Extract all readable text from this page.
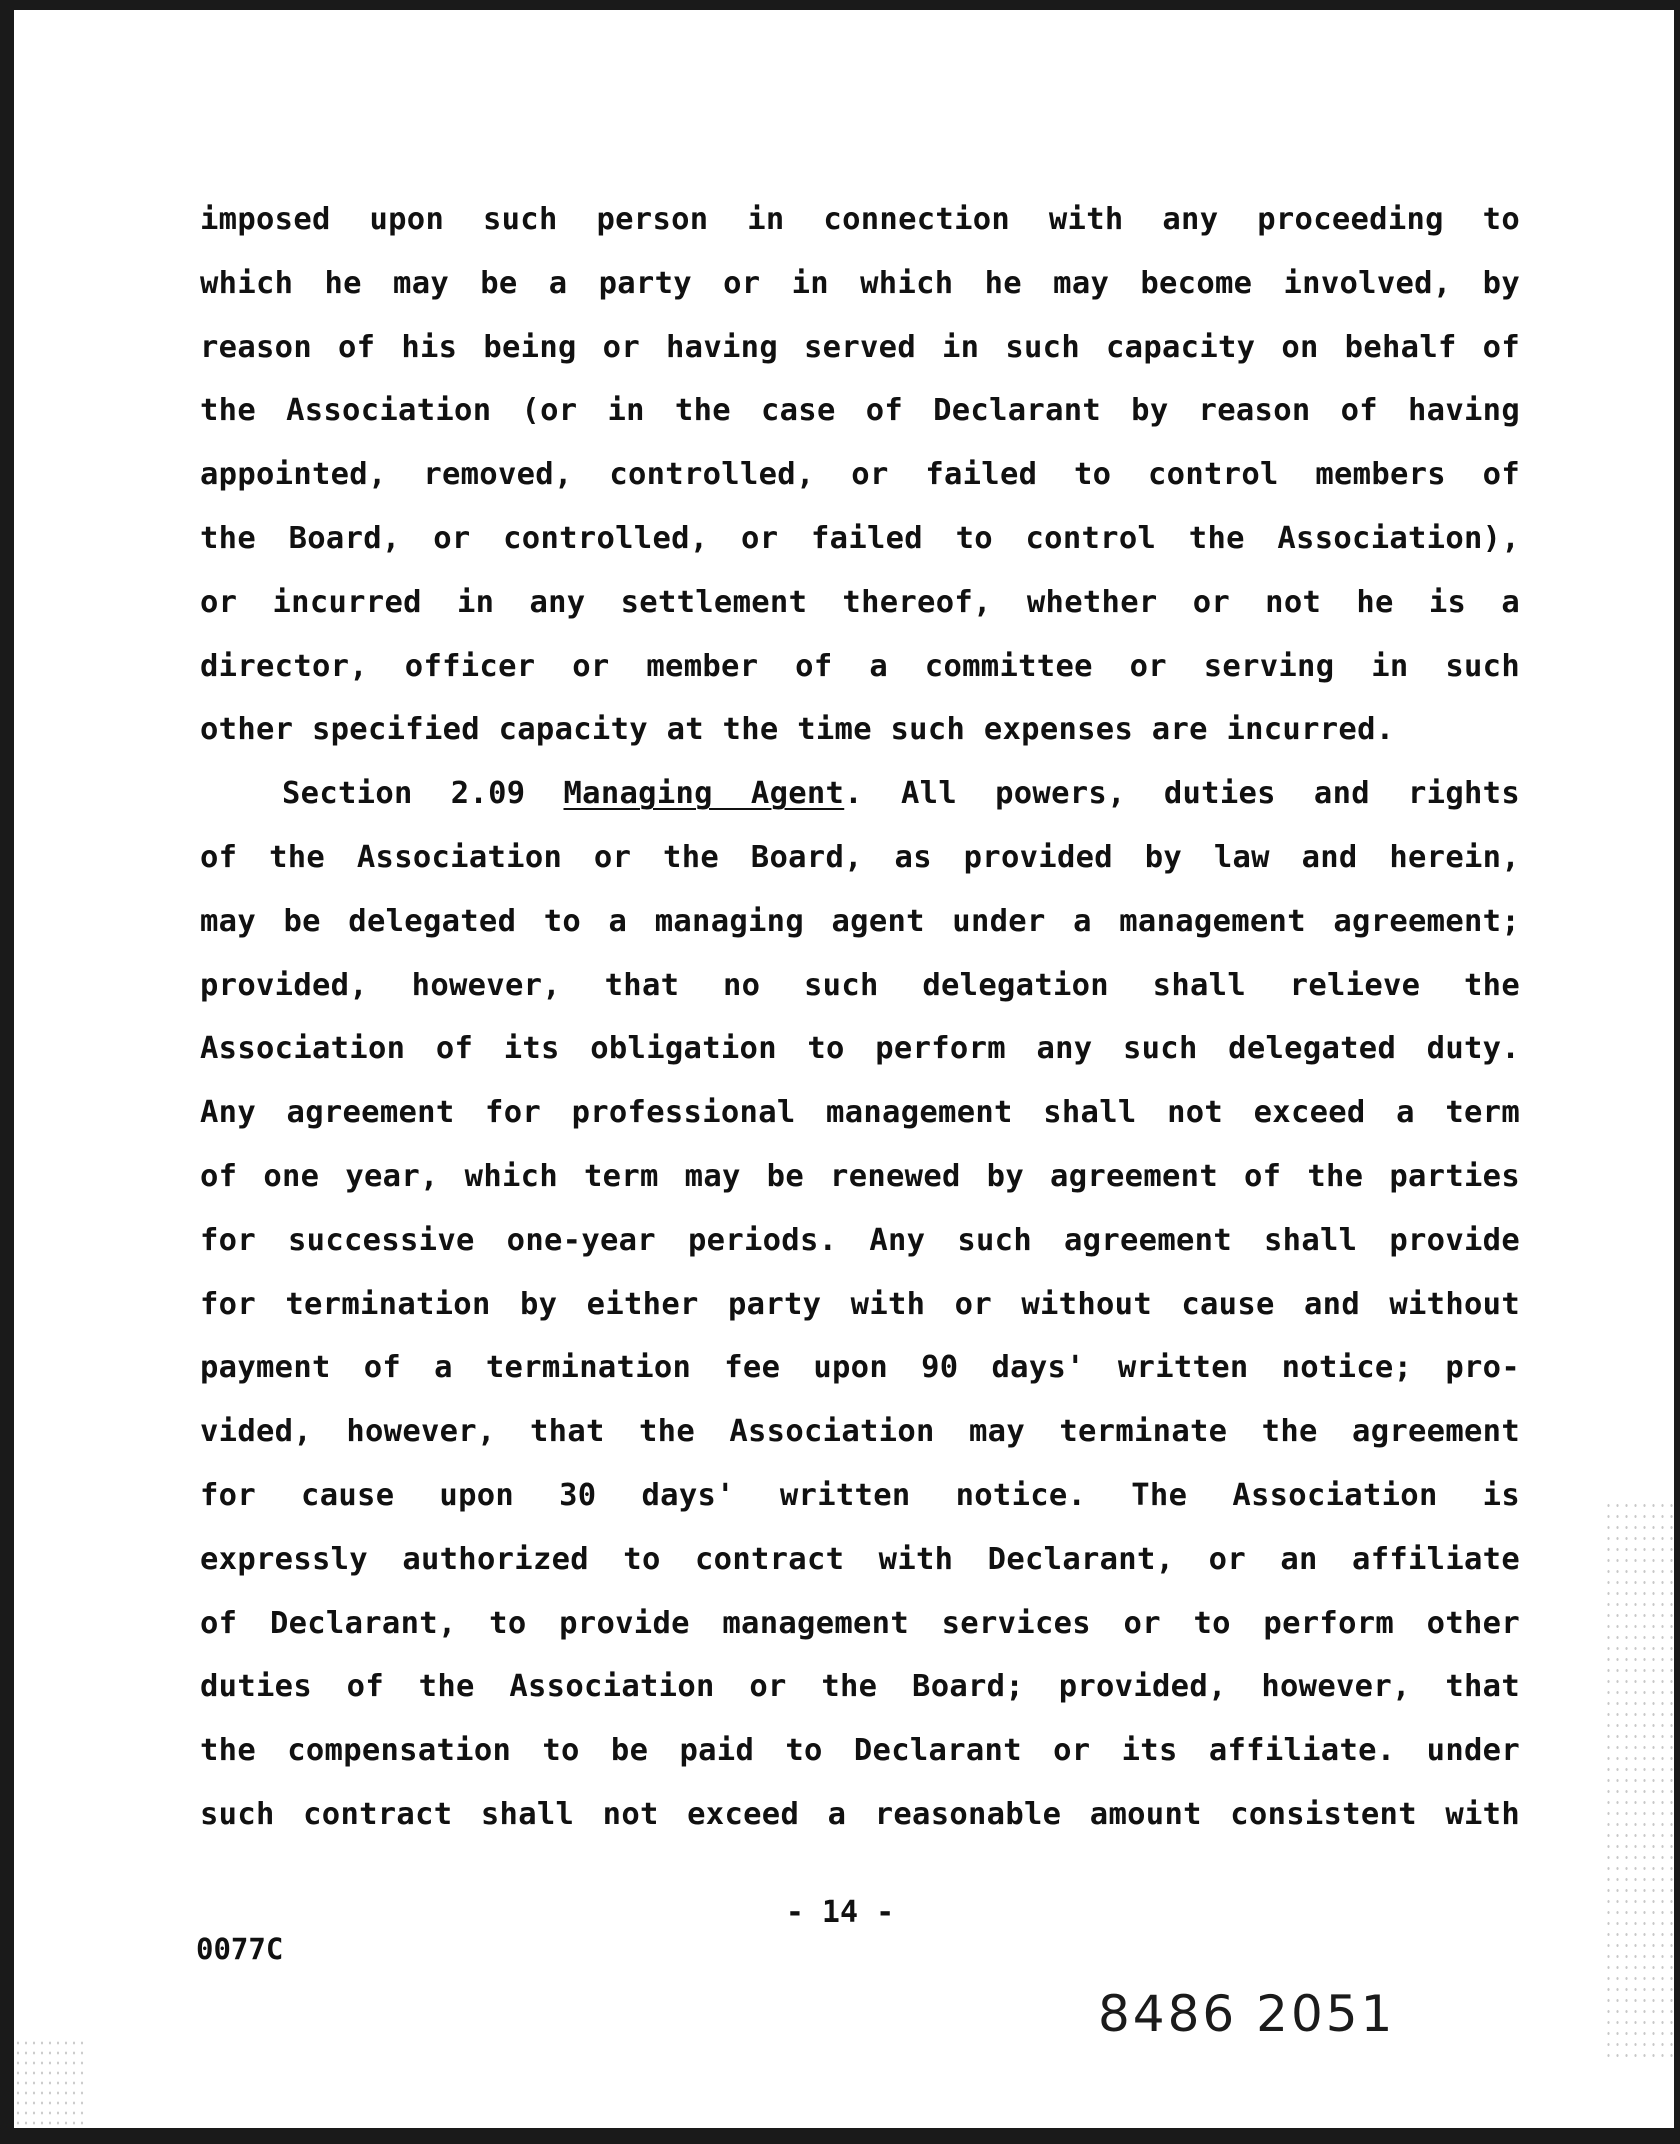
imposed upon such person in connection with any proceeding to
which he may be a party or in which he may become involved, by
reason of his being or having served in such capacity on behalf of
the Association (or in the case of Declarant by reason of having
appointed, removed, controlled, or failed to control members of
the Board, or controlled, or failed to control the Association),
or incurred in any settlement thereof, whether or not he is a
director, officer or member of a committee or serving in such
other specified capacity at the time such expenses are incurred.
Section 2.09 Managing Agent. All powers, duties and rights
of the Association or the Board, as provided by law and herein,
may be delegated to a managing agent under a management agreement;
provided, however, that no such delegation shall relieve the
Association of its obligation to perform any such delegated duty.
Any agreement for professional management shall not exceed a term
of one year, which term may be renewed by agreement of the parties
for successive one-year periods. Any such agreement shall provide
for termination by either party with or without cause and without
payment of a termination fee upon 90 days' written notice; pro-
vided, however, that the Association may terminate the agreement
for cause upon 30 days' written notice. The Association is
expressly authorized to contract with Declarant, or an affiliate
of Declarant, to provide management services or to perform other
duties of the Association or the Board; provided, however, that
the compensation to be paid to Declarant or its affiliate. under
such contract shall not exceed a reasonable amount consistent with
- 14 -
0077C
8486 2051
